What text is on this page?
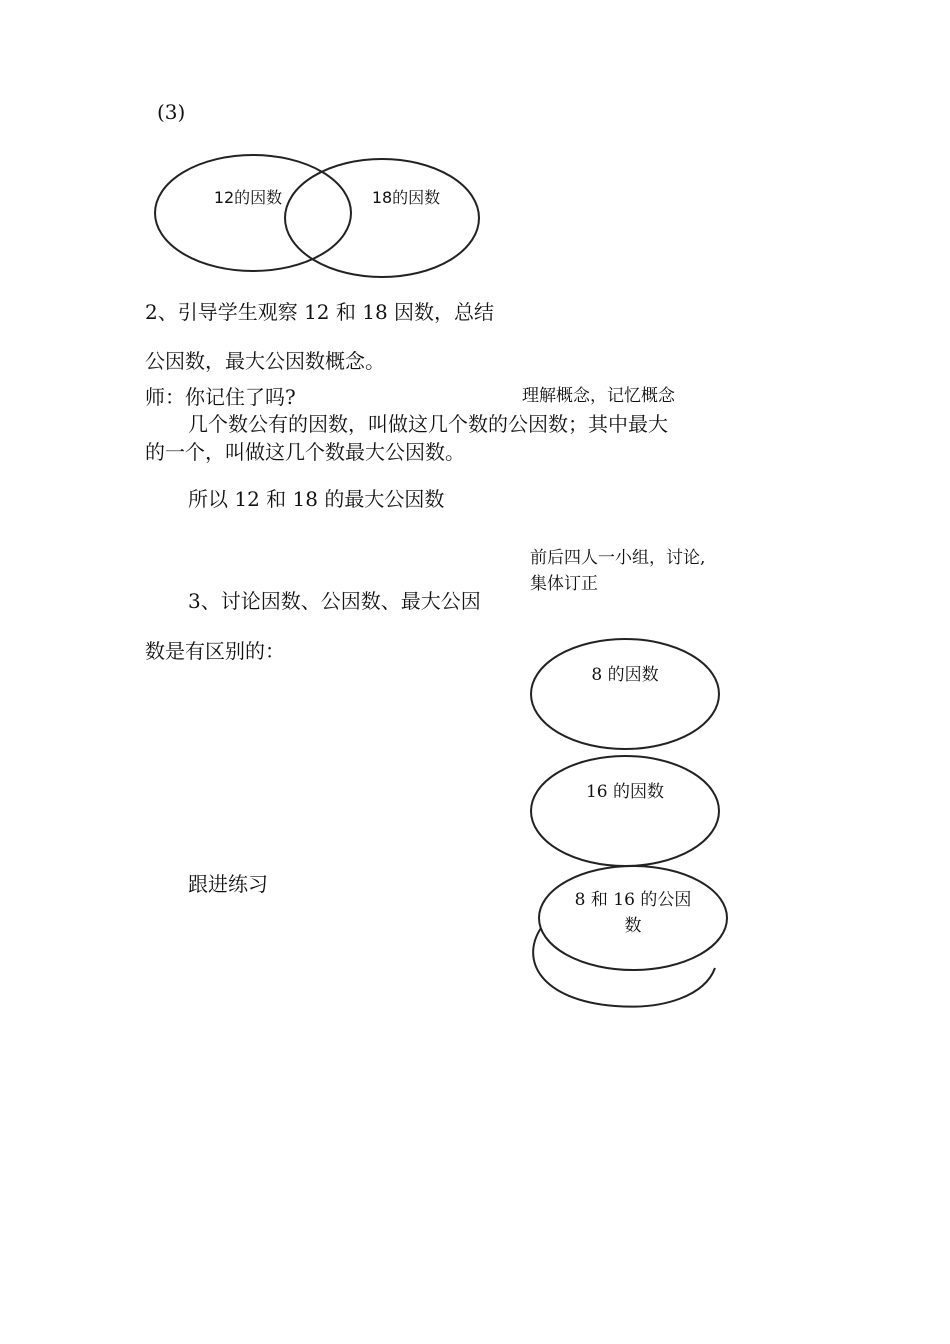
(3)
12的因数	18的因数
8 的因数
16 的因数
8 和 16 的公因
数
2、引导学生观察 12 和 18 因数，总结
公因数，最大公因数概念。
师：你记住了吗?	理解概念，记忆概念
几个数公有的因数，叫做这几个数的公因数；其中最大
的一个，叫做这几个数最大公因数。
所以 12 和 18 的最大公因数
前后四人一小组，讨论,
集体订正
3、讨论因数、公因数、最大公因
数是有区别的：
跟进练习
